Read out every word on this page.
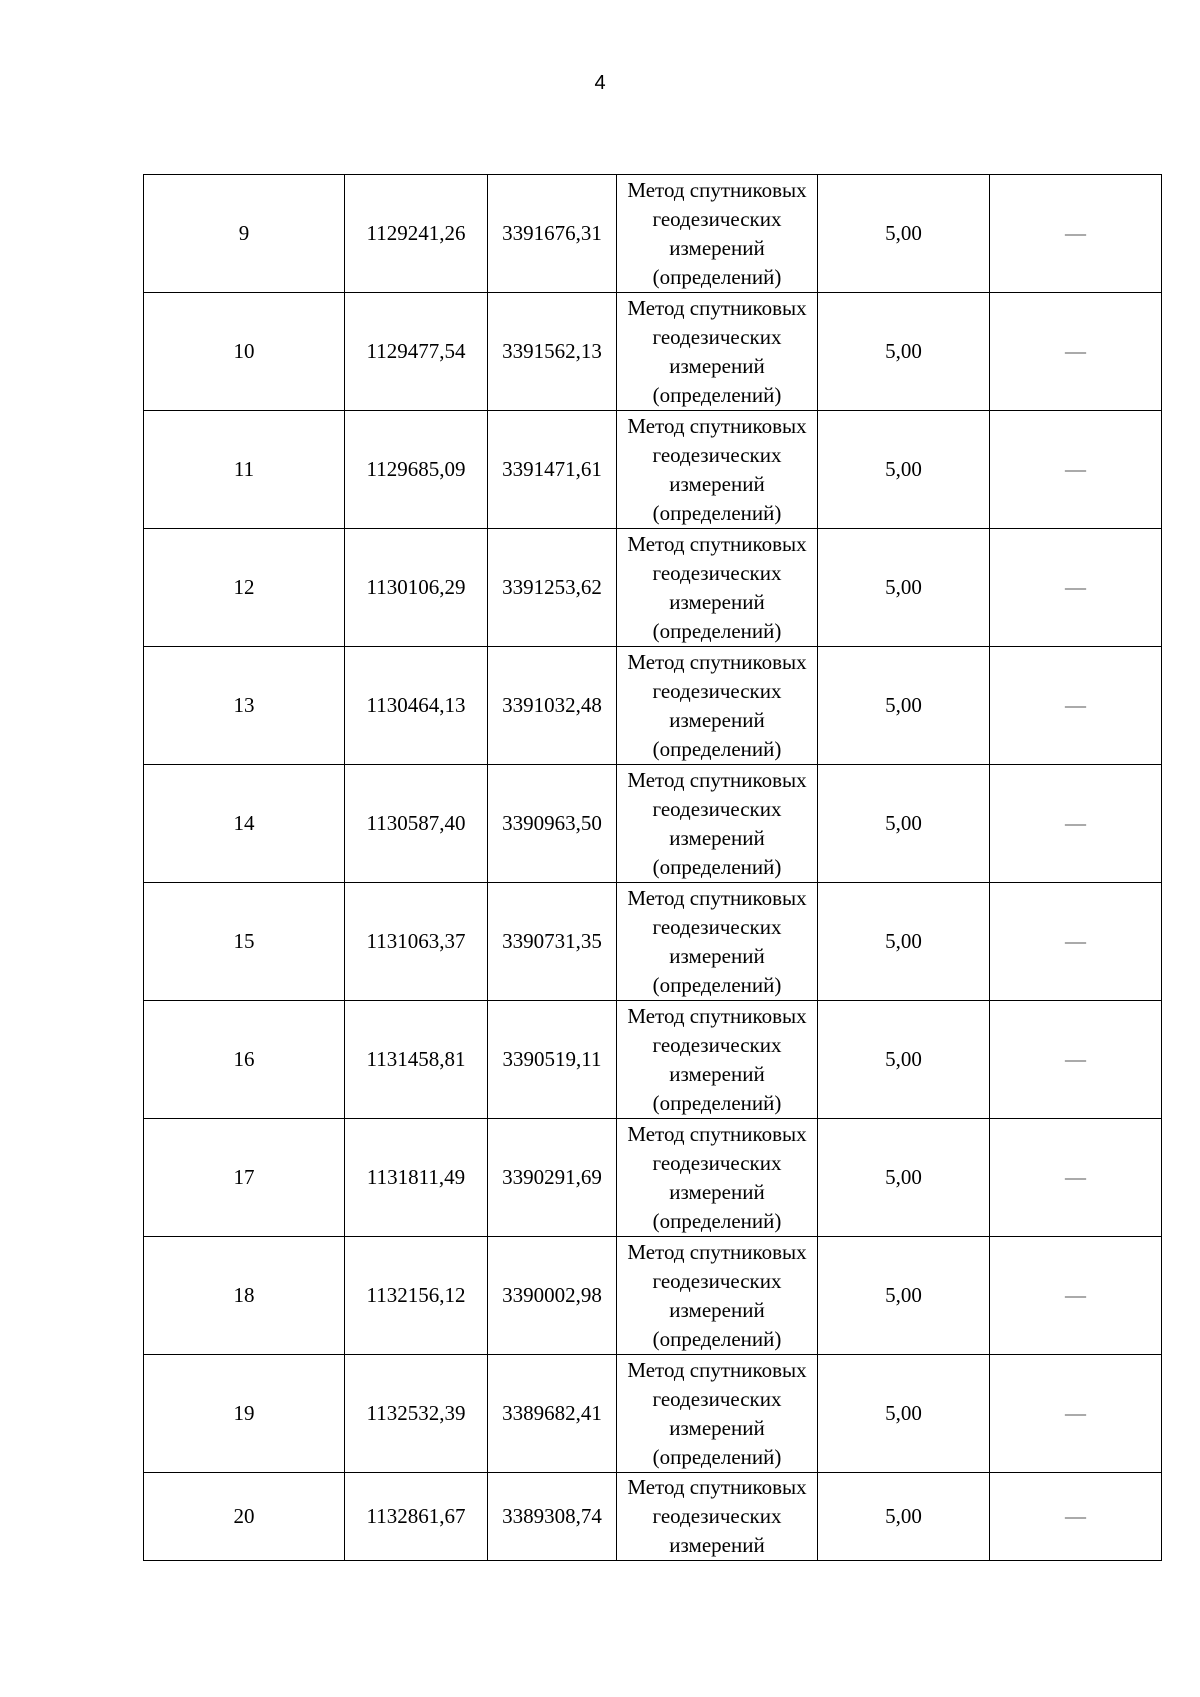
4
9	1129241,26	3391676,31	Метод спутниковых
геодезических
измерений
(определений)	5,00	—
10	1129477,54	3391562,13	Метод спутниковых
геодезических
измерений
(определений)	5,00	—
11	1129685,09	3391471,61	Метод спутниковых
геодезических
измерений
(определений)	5,00	—
12	1130106,29	3391253,62	Метод спутниковых
геодезических
измерений
(определений)	5,00	—
13	1130464,13	3391032,48	Метод спутниковых
геодезических
измерений
(определений)	5,00	—
14	1130587,40	3390963,50	Метод спутниковых
геодезических
измерений
(определений)	5,00	—
15	1131063,37	3390731,35	Метод спутниковых
геодезических
измерений
(определений)	5,00	—
16	1131458,81	3390519,11	Метод спутниковых
геодезических
измерений
(определений)	5,00	—
17	1131811,49	3390291,69	Метод спутниковых
геодезических
измерений
(определений)	5,00	—
18	1132156,12	3390002,98	Метод спутниковых
геодезических
измерений
(определений)	5,00	—
19	1132532,39	3389682,41	Метод спутниковых
геодезических
измерений
(определений)	5,00	—
20	1132861,67	3389308,74	Метод спутниковых
геодезических
измерений	5,00	—
